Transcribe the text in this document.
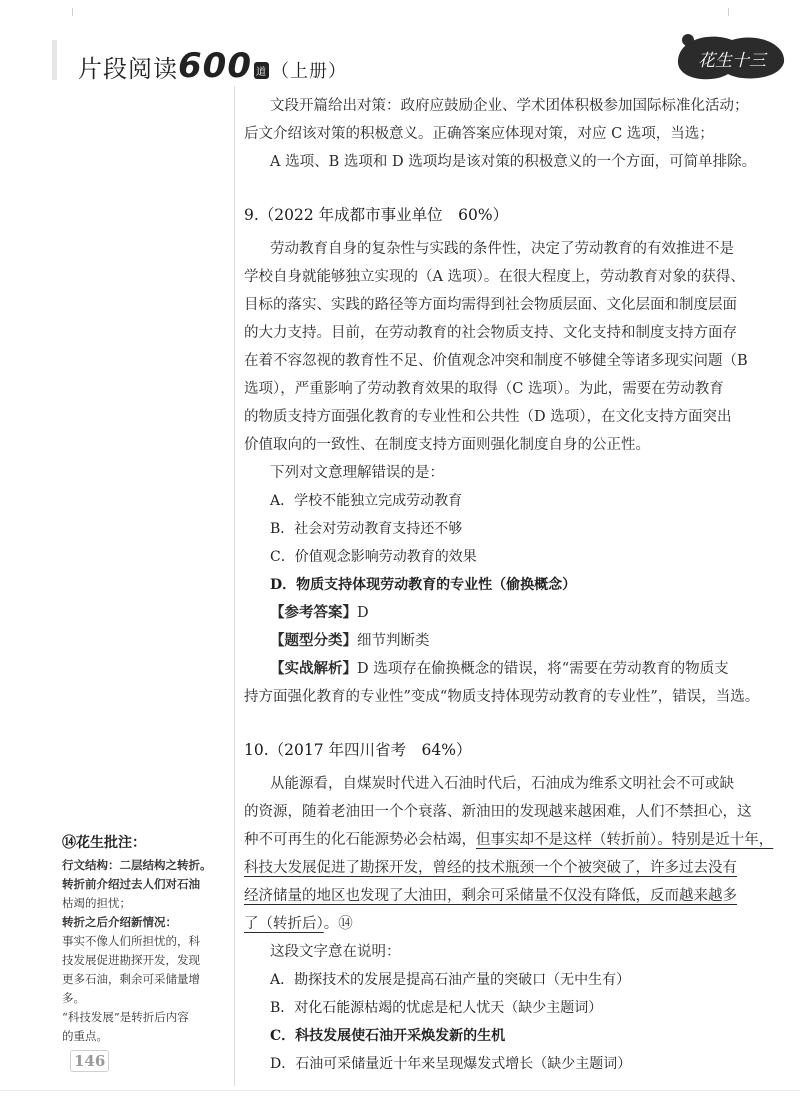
片段阅读600 道 （上册）	花生十三
文段开篇给出对策：政府应鼓励企业、学术团体积极参加国际标准化活动；
后文介绍该对策的积极意义。正确答案应体现对策，对应 C 选项，当选；
A 选项、B 选项和 D 选项均是该对策的积极意义的一个方面，可简单排除。
9.（2022 年成都市事业单位　60%）
劳动教育自身的复杂性与实践的条件性，决定了劳动教育的有效推进不是
学校自身就能够独立实现的（A 选项）。在很大程度上，劳动教育对象的获得、
目标的落实、实践的路径等方面均需得到社会物质层面、文化层面和制度层面
的大力支持。目前，在劳动教育的社会物质支持、文化支持和制度支持方面存
在着不容忽视的教育性不足、价值观念冲突和制度不够健全等诸多现实问题（B
选项），严重影响了劳动教育效果的取得（C 选项）。为此，需要在劳动教育
的物质支持方面强化教育的专业性和公共性（D 选项），在文化支持方面突出
价值取向的一致性、在制度支持方面则强化制度自身的公正性。
下列对文意理解错误的是：
A．学校不能独立完成劳动教育
B．社会对劳动教育支持还不够
C．价值观念影响劳动教育的效果
D．物质支持体现劳动教育的专业性（偷换概念）
【参考答案】D
【题型分类】细节判断类
【实战解析】D 选项存在偷换概念的错误，将“需要在劳动教育的物质支
持方面强化教育的专业性”变成“物质支持体现劳动教育的专业性”，错误，当选。
10.（2017 年四川省考　64%）
从能源看，自煤炭时代进入石油时代后，石油成为维系文明社会不可或缺
的资源，随着老油田一个个衰落、新油田的发现越来越困难，人们不禁担心，这
种不可再生的化石能源势必会枯竭，但事实却不是这样（转折前）。特别是近十年，
科技大发展促进了勘探开发，曾经的技术瓶颈一个个被突破了，许多过去没有
经济储量的地区也发现了大油田，剩余可采储量不仅没有降低，反而越来越多
了（转折后）。⑭
这段文字意在说明：
A．勘探技术的发展是提高石油产量的突破口（无中生有）
B．对化石能源枯竭的忧虑是杞人忧天（缺少主题词）
C．科技发展使石油开采焕发新的生机
D．石油可采储量近十年来呈现爆发式增长（缺少主题词）
⑭花生批注：
行文结构：二层结构之转折。
转折前介绍过去人们对石油
枯竭的担忧；
转折之后介绍新情况：
事实不像人们所担忧的，科
技发展促进勘探开发，发现
更多石油，剩余可采储量增
多。
“科技发展”是转折后内容
的重点。
146
